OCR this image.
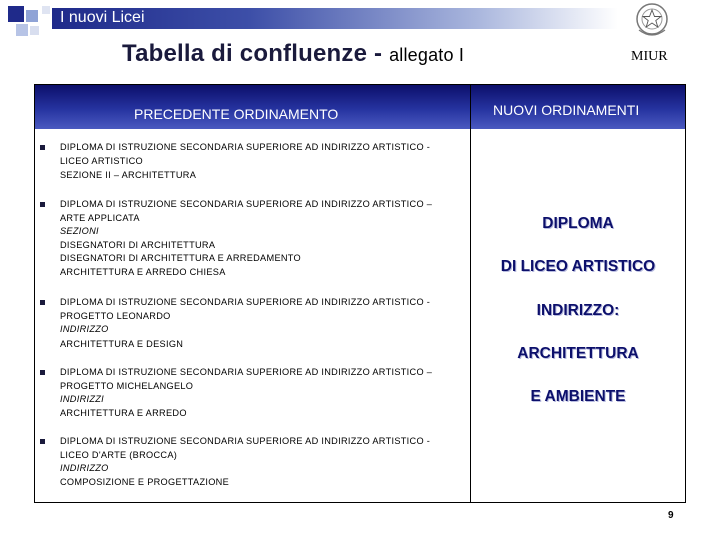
I nuovi Licei
Tabella di confluenze - allegato I	MIUR
PRECEDENTE ORDINAMENTO	NUOVI ORDINAMENTI
DIPLOMA DI ISTRUZIONE SECONDARIA SUPERIORE AD INDIRIZZO ARTISTICO -
LICEO ARTISTICO
SEZIONE II – ARCHITETTURA
DIPLOMA DI ISTRUZIONE SECONDARIA SUPERIORE AD INDIRIZZO ARTISTICO –
ARTE APPLICATA
SEZIONI
DISEGNATORI DI ARCHITETTURA
DISEGNATORI DI ARCHITETTURA E ARREDAMENTO
ARCHITETTURA E ARREDO CHIESA
DIPLOMA DI ISTRUZIONE SECONDARIA SUPERIORE AD INDIRIZZO ARTISTICO -
PROGETTO LEONARDO
INDIRIZZO
ARCHITETTURA E DESIGN
DIPLOMA DI ISTRUZIONE SECONDARIA SUPERIORE AD INDIRIZZO ARTISTICO –
PROGETTO MICHELANGELO
INDIRIZZI
ARCHITETTURA E ARREDO
DIPLOMA DI ISTRUZIONE SECONDARIA SUPERIORE AD INDIRIZZO ARTISTICO -
LICEO D'ARTE (BROCCA)
INDIRIZZO
COMPOSIZIONE E PROGETTAZIONE
DIPLOMA
DI LICEO ARTISTICO
INDIRIZZO:
ARCHITETTURA
E AMBIENTE
9
